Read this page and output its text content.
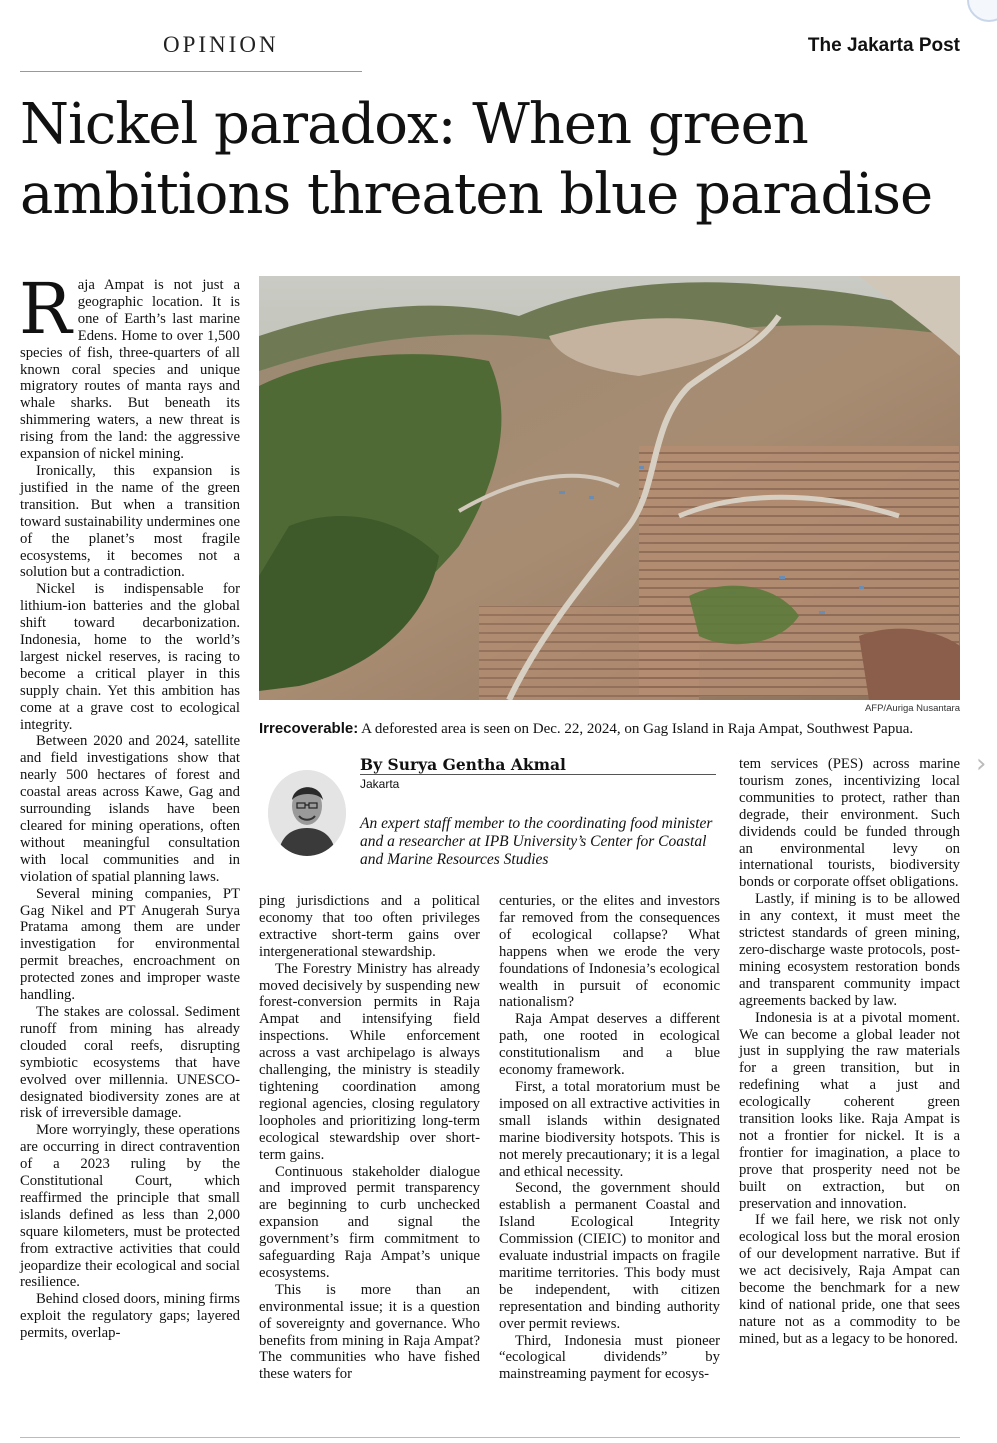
OPINION	The Jakarta Post
Nickel paradox: When green ambitions threaten blue paradise

Raja Ampat is not just a geographic location. It is one of Earth’s last marine Edens. Home to over 1,500 species of fish, three-quarters of all known coral species and unique migratory routes of manta rays and whale sharks. But beneath its shimmering waters, a new threat is rising from the land: the aggressive expansion of nickel mining.

Ironically, this expansion is justified in the name of the green transition. But when a transition toward sustainability undermines one of the planet’s most fragile ecosystems, it becomes not a solution but a contradiction.

Nickel is indispensable for lithium-ion batteries and the global shift toward decarbonization. Indonesia, home to the world’s largest nickel reserves, is racing to become a critical player in this supply chain. Yet this ambition has come at a grave cost to ecological integrity.

Between 2020 and 2024, satellite and field investigations show that nearly 500 hectares of forest and coastal areas across Kawe, Gag and surrounding islands have been cleared for mining operations, often without meaningful consultation with local communities and in violation of spatial planning laws.

Several mining companies, PT Gag Nikel and PT Anugerah Surya Pratama among them are under investigation for environmental permit breaches, encroachment on protected zones and improper waste handling.

The stakes are colossal. Sediment runoff from mining has already clouded coral reefs, disrupting symbiotic ecosystems that have evolved over millennia. UNESCO-designated biodiversity zones are at risk of irreversible damage.

More worryingly, these operations are occurring in direct contravention of a 2023 ruling by the Constitutional Court, which reaffirmed the principle that small islands defined as less than 2,000 square kilometers, must be protected from extractive activities that could jeopardize their ecological and social resilience.

Behind closed doors, mining firms exploit the regulatory gaps; layered permits, overlap-

AFP/Auriga Nusantara
Irrecoverable: A deforested area is seen on Dec. 22, 2024, on Gag Island in Raja Ampat, Southwest Papua.
By Surya Gentha Akmal
Jakarta
An expert staff member to the coordinating food minister and a researcher at IPB University’s Center for Coastal and Marine Resources Studies

ping jurisdictions and a political economy that too often privileges extractive short-term gains over intergenerational stewardship.

The Forestry Ministry has already moved decisively by suspending new forest-conversion permits in Raja Ampat and intensifying field inspections. While enforcement across a vast archipelago is always challenging, the ministry is steadily tightening coordination among regional agencies, closing regulatory loopholes and prioritizing long-term ecological stewardship over short-term gains.

Continuous stakeholder dialogue and improved permit transparency are beginning to curb unchecked expansion and signal the government’s firm commitment to safeguarding Raja Ampat’s unique ecosystems.

This is more than an environmental issue; it is a question of sovereignty and governance. Who benefits from mining in Raja Ampat? The communities who have fished these waters for

centuries, or the elites and investors far removed from the consequences of ecological collapse? What happens when we erode the very foundations of Indonesia’s ecological wealth in pursuit of economic nationalism?

Raja Ampat deserves a different path, one rooted in ecological constitutionalism and a blue economy framework.

First, a total moratorium must be imposed on all extractive activities in small islands within designated marine biodiversity hotspots. This is not merely precautionary; it is a legal and ethical necessity.

Second, the government should establish a permanent Coastal and Island Ecological Integrity Commission (CIEIC) to monitor and evaluate industrial impacts on fragile maritime territories. This body must be independent, with citizen representation and binding authority over permit reviews.

Third, Indonesia must pioneer “ecological dividends” by mainstreaming payment for ecosys-

tem services (PES) across marine tourism zones, incentivizing local communities to protect, rather than degrade, their environment. Such dividends could be funded through an environmental levy on international tourists, biodiversity bonds or corporate offset obligations.

Lastly, if mining is to be allowed in any context, it must meet the strictest standards of green mining, zero-discharge waste protocols, post-mining ecosystem restoration bonds and transparent community impact agreements backed by law.

Indonesia is at a pivotal moment. We can become a global leader not just in supplying the raw materials for a green transition, but in redefining what a just and ecologically coherent green transition looks like. Raja Ampat is not a frontier for nickel. It is a frontier for imagination, a place to prove that prosperity need not be built on extraction, but on preservation and innovation.

If we fail here, we risk not only ecological loss but the moral erosion of our development narrative. But if we act decisively, Raja Ampat can become the benchmark for a new kind of national pride, one that sees nature not as a commodity to be mined, but as a legacy to be honored.

›
